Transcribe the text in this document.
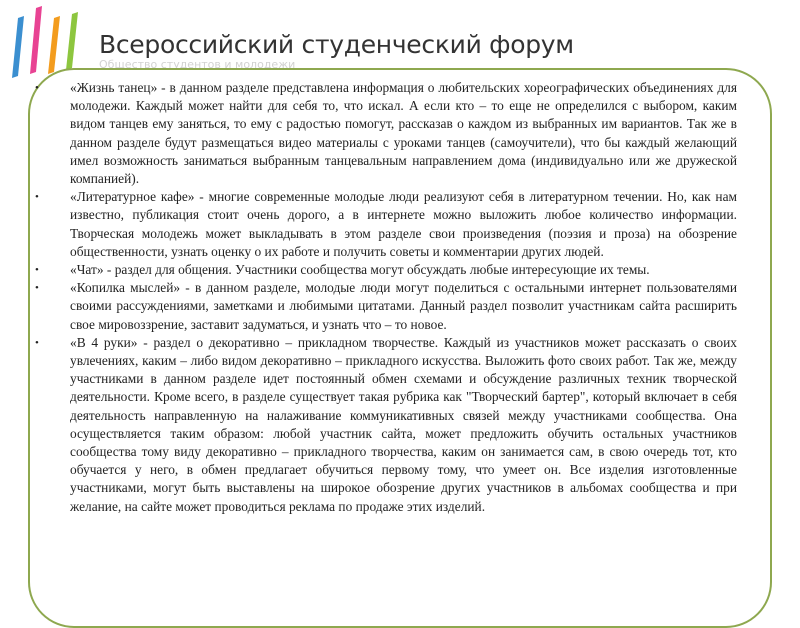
Всероссийский студенческий форум
Общество студентов и молодежи
• «Жизнь танец» - в данном разделе представлена информация о любительских хореографических объединениях для молодежи. Каждый может найти для себя то, что искал. А если кто – то еще не определился с выбором, каким видом танцев ему заняться, то ему с радостью помогут, рассказав о каждом из выбранных им вариантов. Так же в данном разделе будут размещаться видео материалы с уроками танцев (самоучители), что бы каждый желающий имел возможность заниматься выбранным танцевальным направлением дома (индивидуально или же дружеской компанией).
• «Литературное кафе» - многие современные молодые люди реализуют себя в литературном течении. Но, как нам известно, публикация стоит очень дорого, а в интернете можно выложить любое количество информации. Творческая молодежь может выкладывать в этом разделе свои произведения (поэзия и проза) на обозрение общественности, узнать оценку о их работе и получить советы и комментарии других людей.
• «Чат» - раздел для общения. Участники сообщества могут обсуждать любые интересующие их темы.
• «Копилка мыслей» - в данном разделе, молодые люди могут поделиться с остальными интернет пользователями своими рассуждениями, заметками и любимыми цитатами. Данный раздел позволит участникам сайта расширить свое мировоззрение, заставит задуматься, и узнать что – то новое.
• «В 4 руки» - раздел о декоративно – прикладном творчестве. Каждый из участников может рассказать о своих увлечениях, каким – либо видом декоративно – прикладного искусства. Выложить фото своих работ. Так же, между участниками в данном разделе идет постоянный обмен схемами и обсуждение различных техник творческой деятельности. Кроме всего, в разделе существует такая рубрика как "Творческий бартер", который включает в себя деятельность направленную на налаживание коммуникативных связей между участниками сообщества. Она осуществляется таким образом: любой участник сайта, может предложить обучить остальных участников сообщества тому виду декоративно – прикладного творчества, каким он занимается сам, в свою очередь тот, кто обучается у него, в обмен предлагает обучиться первому тому, что умеет он. Все изделия изготовленные участниками, могут быть выставлены на широкое обозрение других участников в альбомах сообщества и при желание, на сайте может проводиться реклама по продаже этих изделий.
